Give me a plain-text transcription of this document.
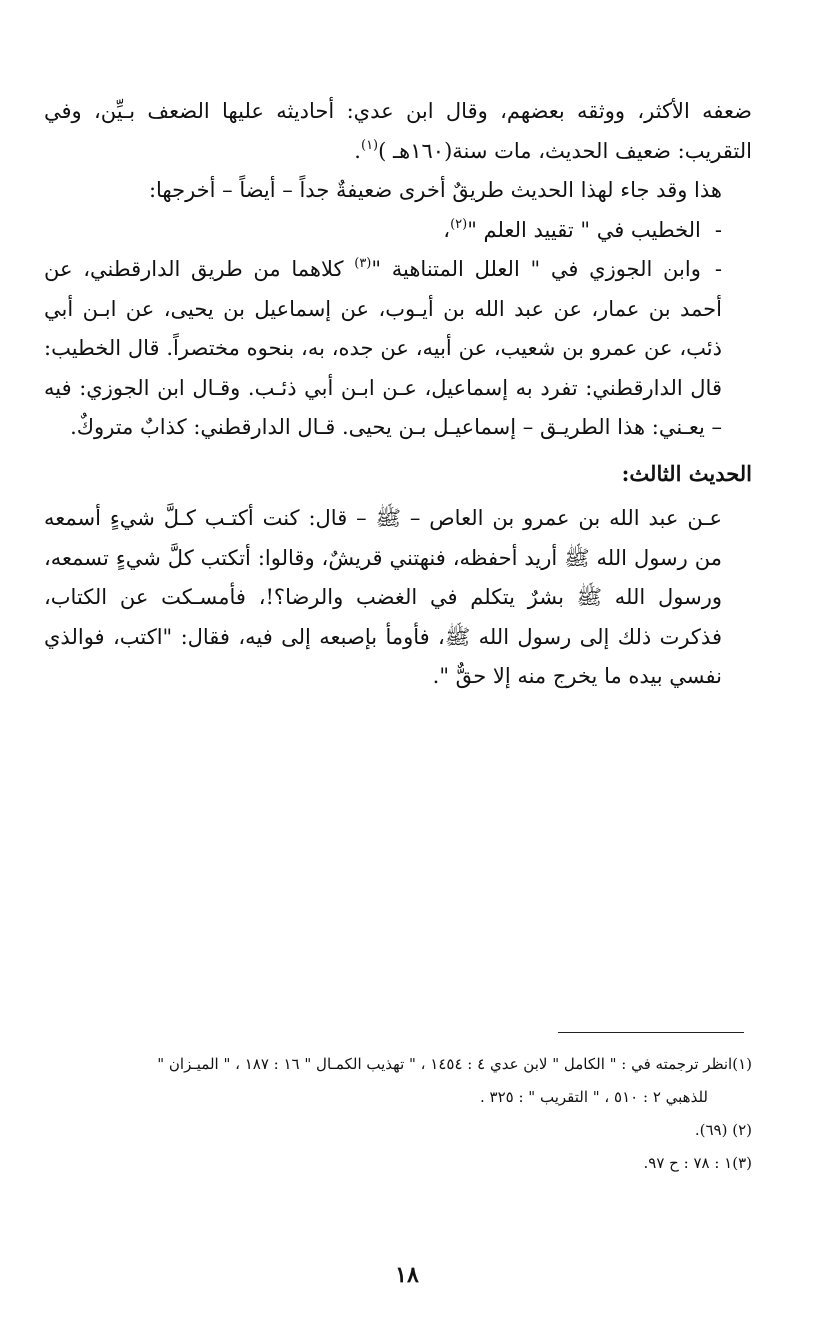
ضعفه الأكثر، ووثقه بعضهم، وقال ابن عدي: أحاديثه عليها الضعف بـيِّن، وفي التقريب: ضعيف الحديث، مات سنة(١٦٠هـ )$^{(١)}$.

هذا وقد جاء لهذا الحديث طريقٌ أخرى ضعيفةٌ جداً – أيضاً – أخرجها:

-الخطيب في " تقييد العلم "$^{(٢)}$،

-وابن الجوزي في " العلل المتناهية "$^{(٣)}$ كلاهما من طريق الدارقطني، عن أحمد بن عمار، عن عبد الله بن أيـوب، عن إسماعيل بن يحيى، عن ابـن أبي ذئب، عن عمرو بن شعيب، عن أبيه، عن جده، به، بنحوه مختصراً. قال الخطيب: قال الدارقطني: تفرد به إسماعيل، عـن ابـن أبي ذئـب. وقـال ابن الجوزي: فيه – يعـني: هذا الطريـق – إسماعيـل بـن يحيى. قـال الدارقطني: كذابٌ متروكٌ.

الحديث الثالث:

عـن عبد الله بن عمرو بن العاص – ﷺ – قال: كنت أكتـب كـلَّ شيءٍ أسمعه من رسول الله ﷺ أريد أحفظه، فنهتني قريشٌ، وقالوا: أتكتب كلَّ شيءٍ تسمعه، ورسول الله ﷺ بشرٌ يتكلم في الغضب والرضا؟!، فأمسـكت عن الكتاب، فذكرت ذلك إلى رسول الله ﷺ، فأومأ بإصبعه إلى فيه، فقال: "اكتب، فوالذي نفسي بيده ما يخرج منه إلا حقٌّ ".

(١)انظر ترجمته في : " الكامل " لابن عدي ٤ : ١٤٥٤ ، " تهذيب الكمـال " ١٦ : ١٨٧ ، " الميـزان "

للذهبي ٢ : ٥١٠ ، " التقريب " : ٣٢٥ .

(٢) (٦٩).

(٣)١ : ٧٨ : ح ٩٧.

١٨
